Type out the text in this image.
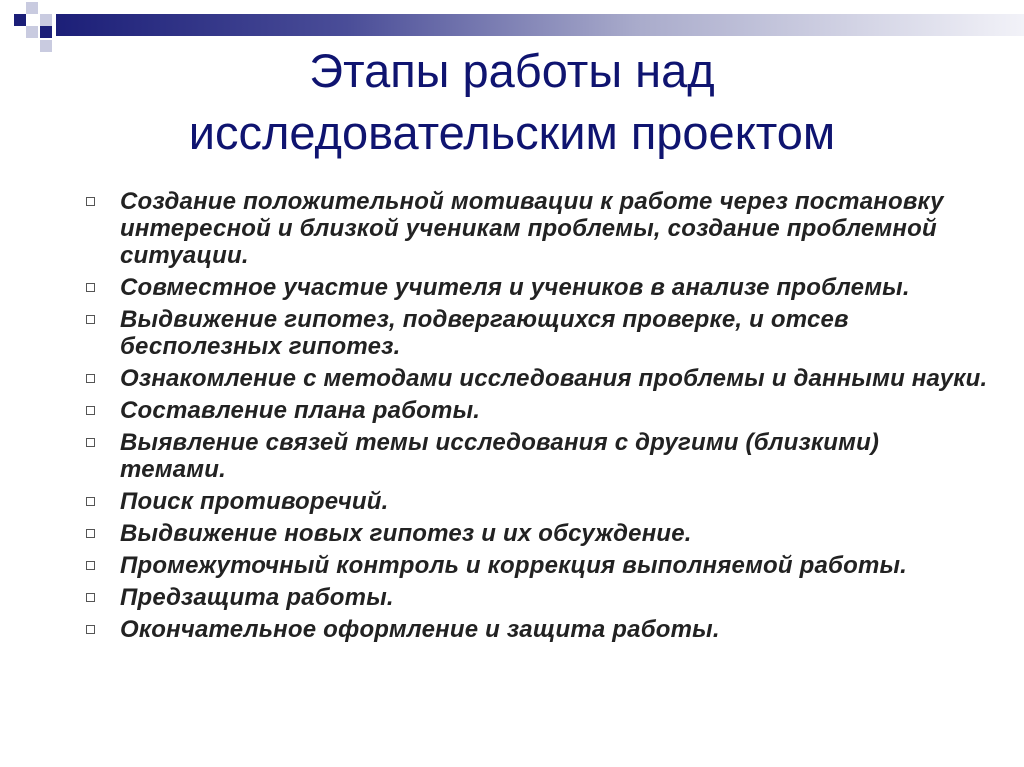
Этапы работы над
исследовательским проектом
Создание положительной мотивации к работе через постановку интересной и близкой ученикам проблемы, создание проблемной ситуации.
Совместное участие учителя и учеников в анализе проблемы.
Выдвижение гипотез, подвергающихся проверке, и отсев бесполезных гипотез.
Ознакомление с методами исследования проблемы и данными науки.
Составление плана работы.
Выявление связей темы исследования с другими (близкими) темами.
Поиск противоречий.
Выдвижение новых гипотез и их обсуждение.
Промежуточный контроль и коррекция выполняемой работы.
Предзащита работы.
Окончательное оформление и защита работы.
